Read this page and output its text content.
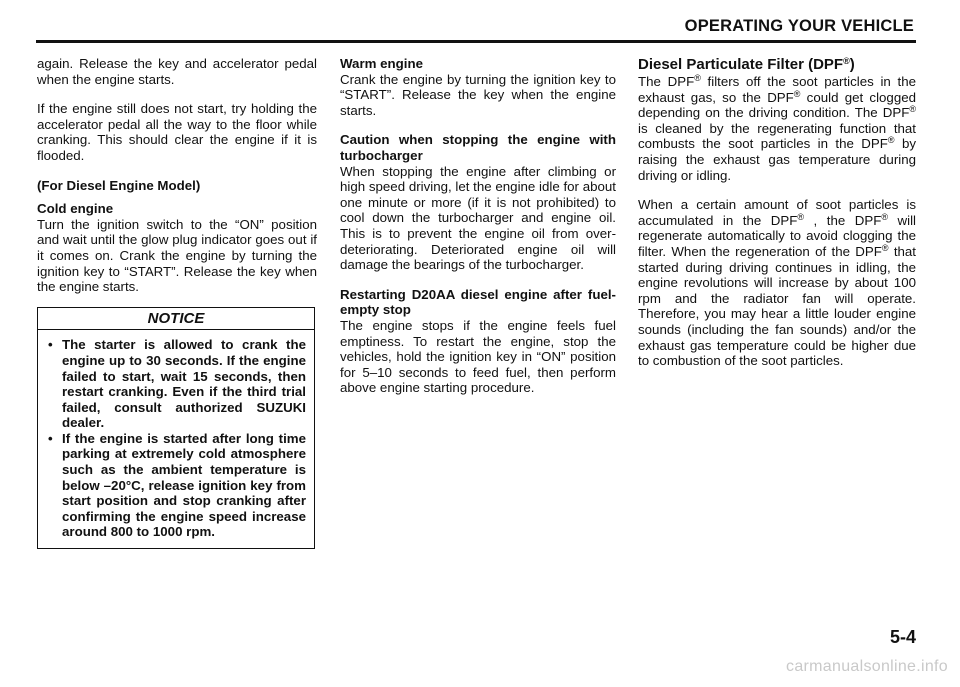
OPERATING YOUR VEHICLE

again. Release the key and accelerator pedal when the engine starts.

If the engine still does not start, try holding the accelerator pedal all the way to the floor while cranking. This should clear the engine if it is flooded.

(For Diesel Engine Model)

Cold engine

Turn the ignition switch to the “ON” position and wait until the glow plug indicator goes out if it comes on. Crank the engine by turning the ignition key to “START”. Release the key when the engine starts.

NOTICE
• The starter is allowed to crank the engine up to 30 seconds. If the engine failed to start, wait 15 seconds, then restart cranking. Even if the third trial failed, consult authorized SUZUKI dealer.
• If the engine is started after long time parking at extremely cold atmosphere such as the ambient temperature is below –20°C, release ignition key from start position and stop cranking after confirming the engine speed increase around 800 to 1000 rpm.

Warm engine

Crank the engine by turning the ignition key to “START”. Release the key when the engine starts.

Caution when stopping the engine with turbocharger

When stopping the engine after climbing or high speed driving, let the engine idle for about one minute or more (if it is not prohibited) to cool down the turbocharger and engine oil. This is to prevent the engine oil from over-deteriorating. Deteriorated engine oil will damage the bearings of the turbocharger.

Restarting D20AA diesel engine after fuel-empty stop

The engine stops if the engine feels fuel emptiness. To restart the engine, stop the vehicles, hold the ignition key in “ON” position for 5–10 seconds to feed fuel, then perform above engine starting procedure.

Diesel Particulate Filter (DPF®)

The DPF® filters off the soot particles in the exhaust gas, so the DPF® could get clogged depending on the driving condition. The DPF® is cleaned by the regenerating function that combusts the soot particles in the DPF® by raising the exhaust gas temperature during driving or idling.

When a certain amount of soot particles is accumulated in the DPF® , the DPF® will regenerate automatically to avoid clogging the filter. When the regeneration of the DPF® that started during driving continues in idling, the engine revolutions will increase by about 100 rpm and the radiator fan will operate. Therefore, you may hear a little louder engine sounds (including the fan sounds) and/or the exhaust gas temperature could be higher due to combustion of the soot particles.

5-4
carmanualsonline.info
